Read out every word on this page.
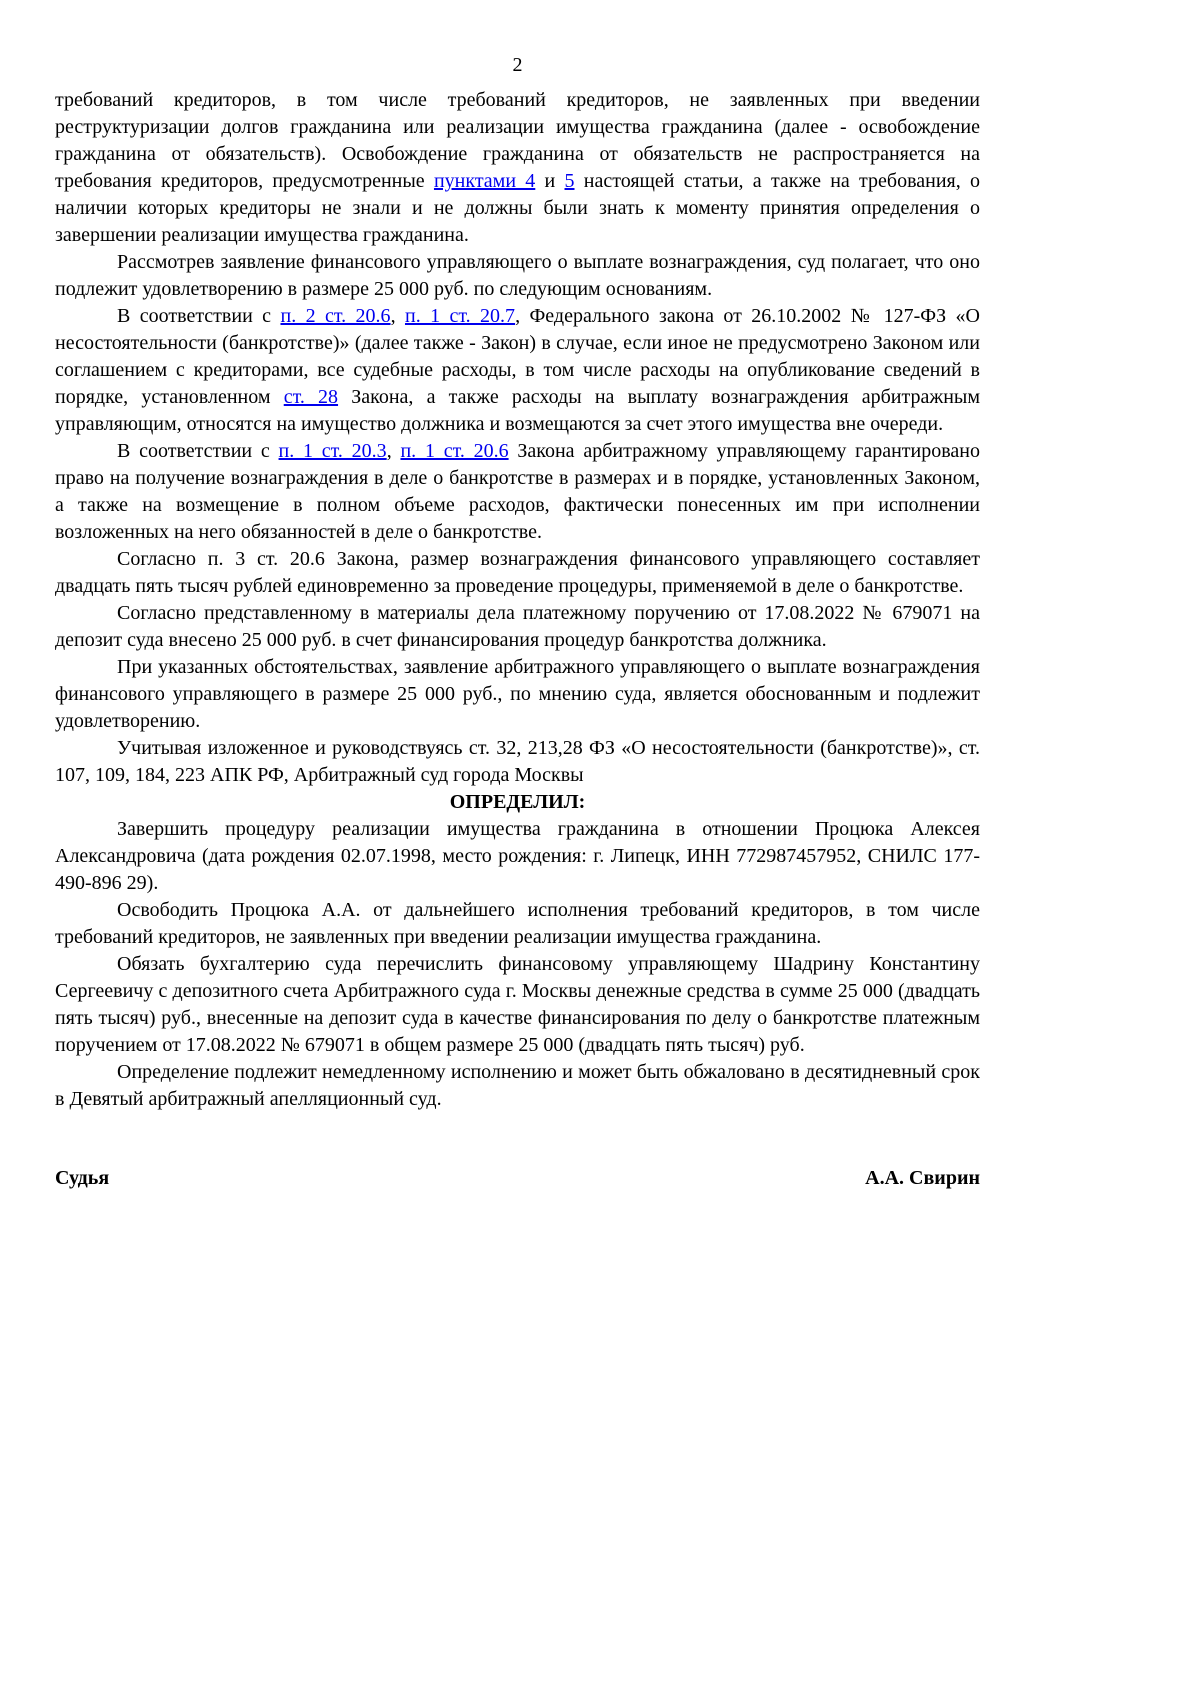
2

требований кредиторов, в том числе требований кредиторов, не заявленных при введении реструктуризации долгов гражданина или реализации имущества гражданина (далее - освобождение гражданина от обязательств). Освобождение гражданина от обязательств не распространяется на требования кредиторов, предусмотренные пунктами 4 и 5 настоящей статьи, а также на требования, о наличии которых кредиторы не знали и не должны были знать к моменту принятия определения о завершении реализации имущества гражданина.

Рассмотрев заявление финансового управляющего о выплате вознаграждения, суд полагает, что оно подлежит удовлетворению в размере 25 000 руб. по следующим основаниям.

В соответствии с п. 2 ст. 20.6, п. 1 ст. 20.7, Федерального закона от 26.10.2002 № 127-ФЗ «О несостоятельности (банкротстве)» (далее также - Закон) в случае, если иное не предусмотрено Законом или соглашением с кредиторами, все судебные расходы, в том числе расходы на опубликование сведений в порядке, установленном ст. 28 Закона, а также расходы на выплату вознаграждения арбитражным управляющим, относятся на имущество должника и возмещаются за счет этого имущества вне очереди.

В соответствии с п. 1 ст. 20.3, п. 1 ст. 20.6 Закона арбитражному управляющему гарантировано право на получение вознаграждения в деле о банкротстве в размерах и в порядке, установленных Законом, а также на возмещение в полном объеме расходов, фактически понесенных им при исполнении возложенных на него обязанностей в деле о банкротстве.

Согласно п. 3 ст. 20.6 Закона, размер вознаграждения финансового управляющего составляет двадцать пять тысяч рублей единовременно за проведение процедуры, применяемой в деле о банкротстве.

Согласно представленному в материалы дела платежному поручению от 17.08.2022 № 679071 на депозит суда внесено 25 000 руб. в счет финансирования процедур банкротства должника.

При указанных обстоятельствах, заявление арбитражного управляющего о выплате вознаграждения финансового управляющего в размере 25 000 руб., по мнению суда, является обоснованным и подлежит удовлетворению.

Учитывая изложенное и руководствуясь ст. 32, 213,28 ФЗ «О несостоятельности (банкротстве)», ст. 107, 109, 184, 223 АПК РФ, Арбитражный суд города Москвы

ОПРЕДЕЛИЛ:

Завершить процедуру реализации имущества гражданина в отношении Процюка Алексея Александровича (дата рождения 02.07.1998, место рождения: г. Липецк, ИНН 772987457952, СНИЛС 177-490-896 29).

Освободить Процюка А.А. от дальнейшего исполнения требований кредиторов, в том числе требований кредиторов, не заявленных при введении реализации имущества гражданина.

Обязать бухгалтерию суда перечислить финансовому управляющему Шадрину Константину Сергеевичу с депозитного счета Арбитражного суда г. Москвы денежные средства в сумме 25 000 (двадцать пять тысяч) руб., внесенные на депозит суда в качестве финансирования по делу о банкротстве платежным поручением от 17.08.2022 № 679071 в общем размере 25 000 (двадцать пять тысяч) руб.

Определение подлежит немедленному исполнению и может быть обжаловано в десятидневный срок в Девятый арбитражный апелляционный суд.

Судья	А.А. Свирин
